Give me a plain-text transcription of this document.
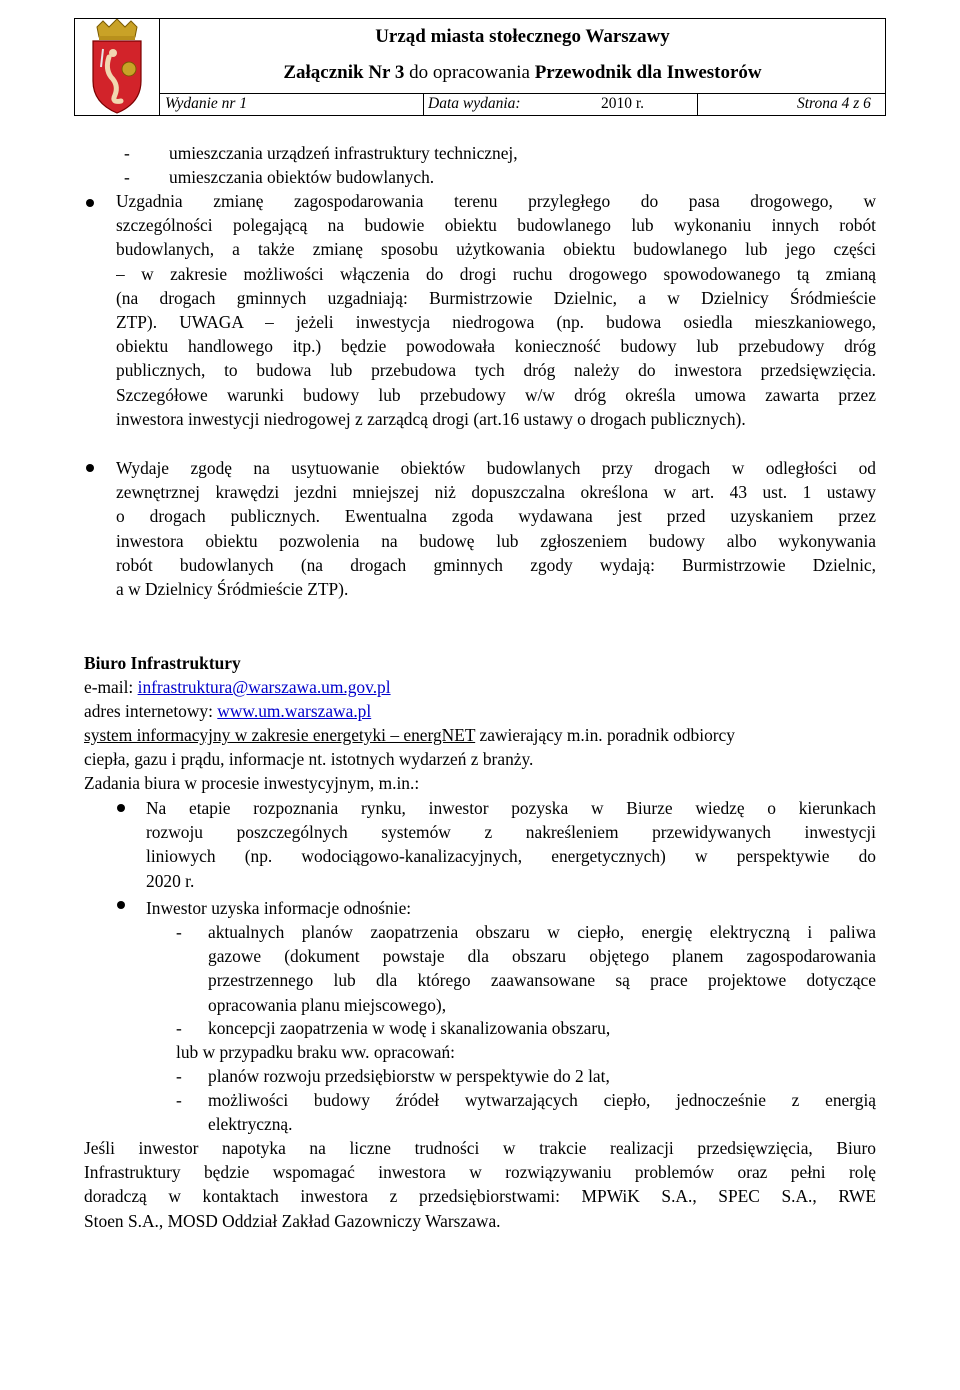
Urząd miasta stołecznego Warszawy
Załącznik Nr 3 do opracowania Przewodnik dla Inwestorów
Wydanie nr 1	Data wydania:	2010 r.	Strona 4 z 6
- umieszczania urządzeń infrastruktury technicznej,
- umieszczania obiektów budowlanych.
Uzgadnia zmianę zagospodarowania terenu przyległego do pasa drogowego, w
szczególności polegającą na budowie obiektu budowlanego lub wykonaniu innych robót
budowlanych, a także zmianę sposobu użytkowania obiektu budowlanego lub jego części
– w zakresie możliwości włączenia do drogi ruchu drogowego spowodowanego tą zmianą
(na drogach gminnych uzgadniają: Burmistrzowie Dzielnic, a w Dzielnicy Śródmieście
ZTP). UWAGA – jeżeli inwestycja niedrogowa (np. budowa osiedla mieszkaniowego,
obiektu handlowego itp.) będzie powodowała konieczność budowy lub przebudowy dróg
publicznych, to budowa lub przebudowa tych dróg należy do inwestora przedsięwzięcia.
Szczegółowe warunki budowy lub przebudowy w/w dróg określa umowa zawarta przez
inwestora inwestycji niedrogowej z zarządcą drogi (art.16 ustawy o drogach publicznych).
Wydaje zgodę na usytuowanie obiektów budowlanych przy drogach w odległości od
zewnętrznej krawędzi jezdni mniejszej niż dopuszczalna określona w art. 43 ust. 1 ustawy
o drogach publicznych. Ewentualna zgoda wydawana jest przed uzyskaniem przez
inwestora obiektu pozwolenia na budowę lub zgłoszeniem budowy albo wykonywania
robót budowlanych (na drogach gminnych zgody wydają: Burmistrzowie Dzielnic,
a w Dzielnicy Śródmieście ZTP).
Biuro Infrastruktury
e-mail: infrastruktura@warszawa.um.gov.pl
adres internetowy: www.um.warszawa.pl
system informacyjny w zakresie energetyki – energNET zawierający m.in. poradnik odbiorcy
ciepła, gazu i prądu, informacje nt. istotnych wydarzeń z branży.
Zadania biura w procesie inwestycyjnym, m.in.:
Na etapie rozpoznania rynku, inwestor pozyska w Biurze wiedzę o kierunkach
rozwoju poszczególnych systemów z nakreśleniem przewidywanych inwestycji
liniowych (np. wodociągowo-kanalizacyjnych, energetycznych) w perspektywie do
2020 r.
Inwestor uzyska informacje odnośnie:
- aktualnych planów zaopatrzenia obszaru w ciepło, energię elektryczną i paliwa
gazowe (dokument powstaje dla obszaru objętego planem zagospodarowania
przestrzennego lub dla którego zaawansowane są prace projektowe dotyczące
opracowania planu miejscowego),
- koncepcji zaopatrzenia w wodę i skanalizowania obszaru,
lub w przypadku braku ww. opracowań:
- planów rozwoju przedsiębiorstw w perspektywie do 2 lat,
- możliwości budowy źródeł wytwarzających ciepło, jednocześnie z energią
elektryczną.
Jeśli inwestor napotyka na liczne trudności w trakcie realizacji przedsięwzięcia, Biuro
Infrastruktury będzie wspomagać inwestora w rozwiązywaniu problemów oraz pełni rolę
doradczą w kontaktach inwestora z przedsiębiorstwami: MPWiK S.A., SPEC S.A., RWE
Stoen S.A., MOSD Oddział Zakład Gazowniczy Warszawa.
